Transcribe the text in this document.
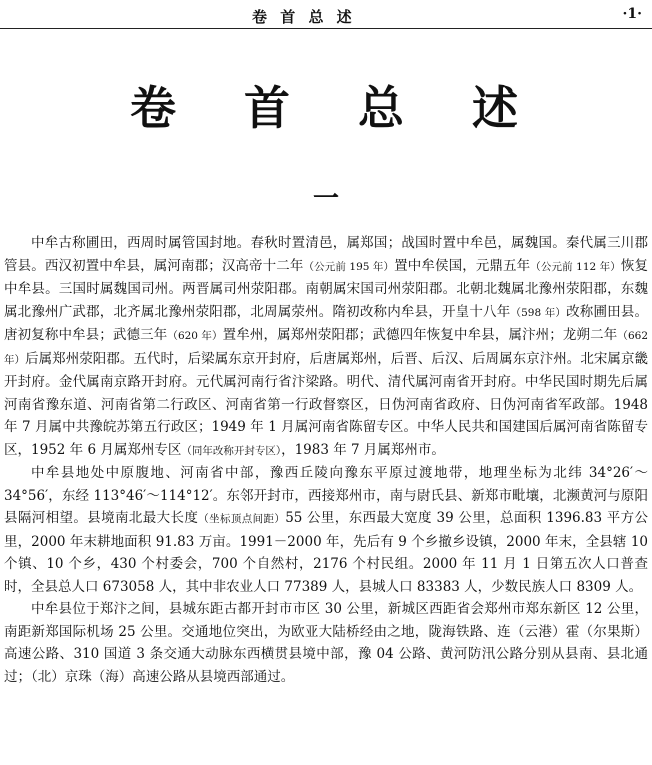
卷 首 总 述	·1·
卷 首 总 述
一

中牟古称圃田，西周时属管国封地。春秋时置清邑，属郑国；战国时置中牟邑，属魏国。秦代属三川郡管县。西汉初置中牟县，属河南郡；汉高帝十二年（公元前 195 年）置中牟侯国，元鼎五年（公元前 112 年）恢复中牟县。三国时属魏国司州。两晋属司州荥阳郡。南朝属宋国司州荥阳郡。北朝北魏属北豫州荥阳郡，东魏属北豫州广武郡，北齐属北豫州荥阳郡，北周属荥州。隋初改称内牟县，开皇十八年（598 年）改称圃田县。唐初复称中牟县；武德三年（620 年）置牟州，属郑州荥阳郡；武德四年恢复中牟县，属汴州；龙朔二年（662 年）后属郑州荥阳郡。五代时，后梁属东京开封府，后唐属郑州，后晋、后汉、后周属东京汴州。北宋属京畿开封府。金代属南京路开封府。元代属河南行省汴梁路。明代、清代属河南省开封府。中华民国时期先后属河南省豫东道、河南省第二行政区、河南省第一行政督察区，日伪河南省政府、日伪河南省军政部。1948 年 7 月属中共豫皖苏第五行政区；1949 年 1 月属河南省陈留专区。中华人民共和国建国后属河南省陈留专区，1952 年 6 月属郑州专区（同年改称开封专区），1983 年 7 月属郑州市。

中牟县地处中原腹地、河南省中部，豫西丘陵向豫东平原过渡地带，地理坐标为北纬 34°26′～34°56′，东经 113°46′～114°12′。东邻开封市，西接郑州市，南与尉氏县、新郑市毗壤，北濒黄河与原阳县隔河相望。县境南北最大长度（坐标顶点间距）55 公里，东西最大宽度 39 公里，总面积 1396.83 平方公里，2000 年末耕地面积 91.83 万亩。1991－2000 年，先后有 9 个乡撤乡设镇，2000 年末，全县辖 10 个镇、10 个乡，430 个村委会，700 个自然村，2176 个村民组。2000 年 11 月 1 日第五次人口普查时，全县总人口 673058 人，其中非农业人口 77389 人，县城人口 83383 人，少数民族人口 8309 人。

中牟县位于郑汴之间，县城东距古都开封市市区 30 公里，新城区西距省会郑州市郑东新区 12 公里，南距新郑国际机场 25 公里。交通地位突出，为欧亚大陆桥经由之地，陇海铁路、连（云港）霍（尔果斯）高速公路、310 国道 3 条交通大动脉东西横贯县境中部，豫 04 公路、黄河防汛公路分别从县南、县北通过；（北）京珠（海）高速公路从县境西部通过。
